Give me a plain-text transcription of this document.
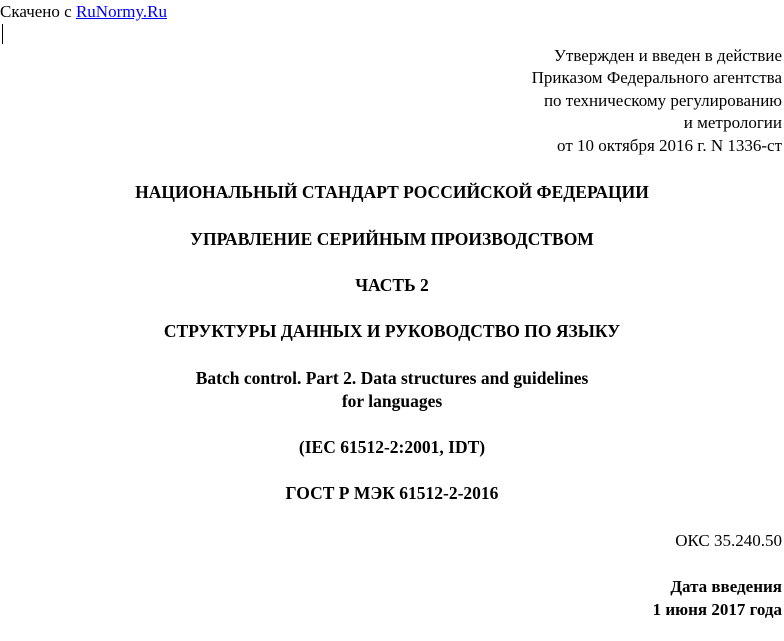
Скачено с RuNormy.Ru
Утвержден и введен в действие
Приказом Федерального агентства
по техническому регулированию
и метрологии
от 10 октября 2016 г. N 1336-ст
НАЦИОНАЛЬНЫЙ СТАНДАРТ РОССИЙСКОЙ ФЕДЕРАЦИИ
УПРАВЛЕНИЕ СЕРИЙНЫМ ПРОИЗВОДСТВОМ
ЧАСТЬ 2
СТРУКТУРЫ ДАННЫХ И РУКОВОДСТВО ПО ЯЗЫКУ
Batch control. Part 2. Data structures and guidelines
for languages
(IEC 61512-2:2001, IDT)
ГОСТ Р МЭК 61512-2-2016
ОКС 35.240.50
Дата введения
1 июня 2017 года
